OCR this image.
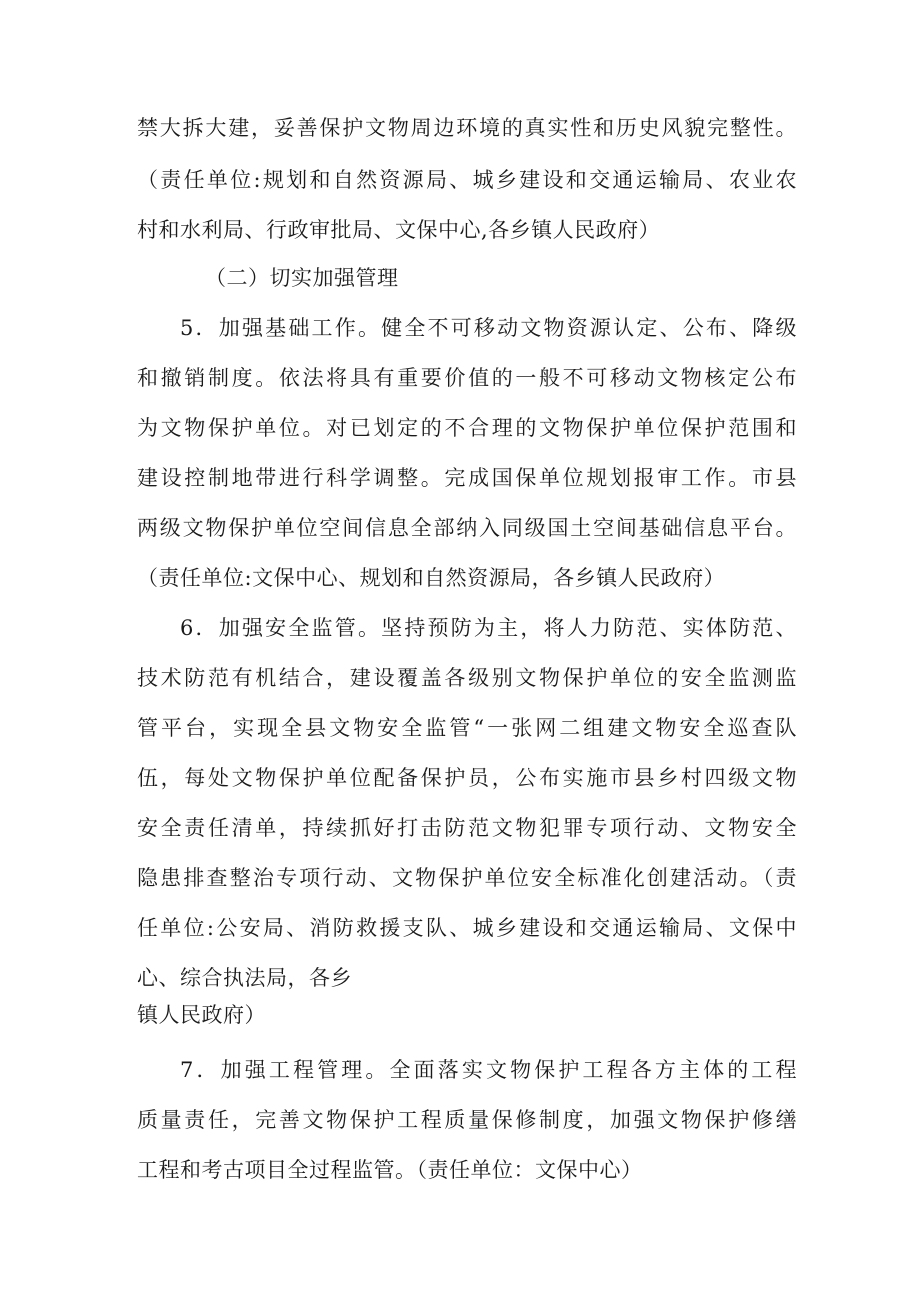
禁大拆大建，妥善保护文物周边环境的真实性和历史风貌完整性。
（责任单位:规划和自然资源局、城乡建设和交通运输局、农业农
村和水利局、行政审批局、文保中心,各乡镇人民政府）
（二）切实加强管理
5．加强基础工作。健全不可移动文物资源认定、公布、降级
和撤销制度。依法将具有重要价值的一般不可移动文物核定公布
为文物保护单位。对已划定的不合理的文物保护单位保护范围和
建设控制地带进行科学调整。完成国保单位规划报审工作。市县
两级文物保护单位空间信息全部纳入同级国土空间基础信息平台。
（责任单位:文保中心、规划和自然资源局，各乡镇人民政府）
6．加强安全监管。坚持预防为主，将人力防范、实体防范、
技术防范有机结合，建设覆盖各级别文物保护单位的安全监测监
管平台，实现全县文物安全监管“一张网二组建文物安全巡查队
伍，每处文物保护单位配备保护员，公布实施市县乡村四级文物
安全责任清单，持续抓好打击防范文物犯罪专项行动、文物安全
隐患排查整治专项行动、文物保护单位安全标准化创建活动。（责
任单位:公安局、消防救援支队、城乡建设和交通运输局、文保中
心、综合执法局，各乡
镇人民政府）
7．加强工程管理。全面落实文物保护工程各方主体的工程
质量责任，完善文物保护工程质量保修制度，加强文物保护修缮
工程和考古项目全过程监管。（责任单位：文保中心）
